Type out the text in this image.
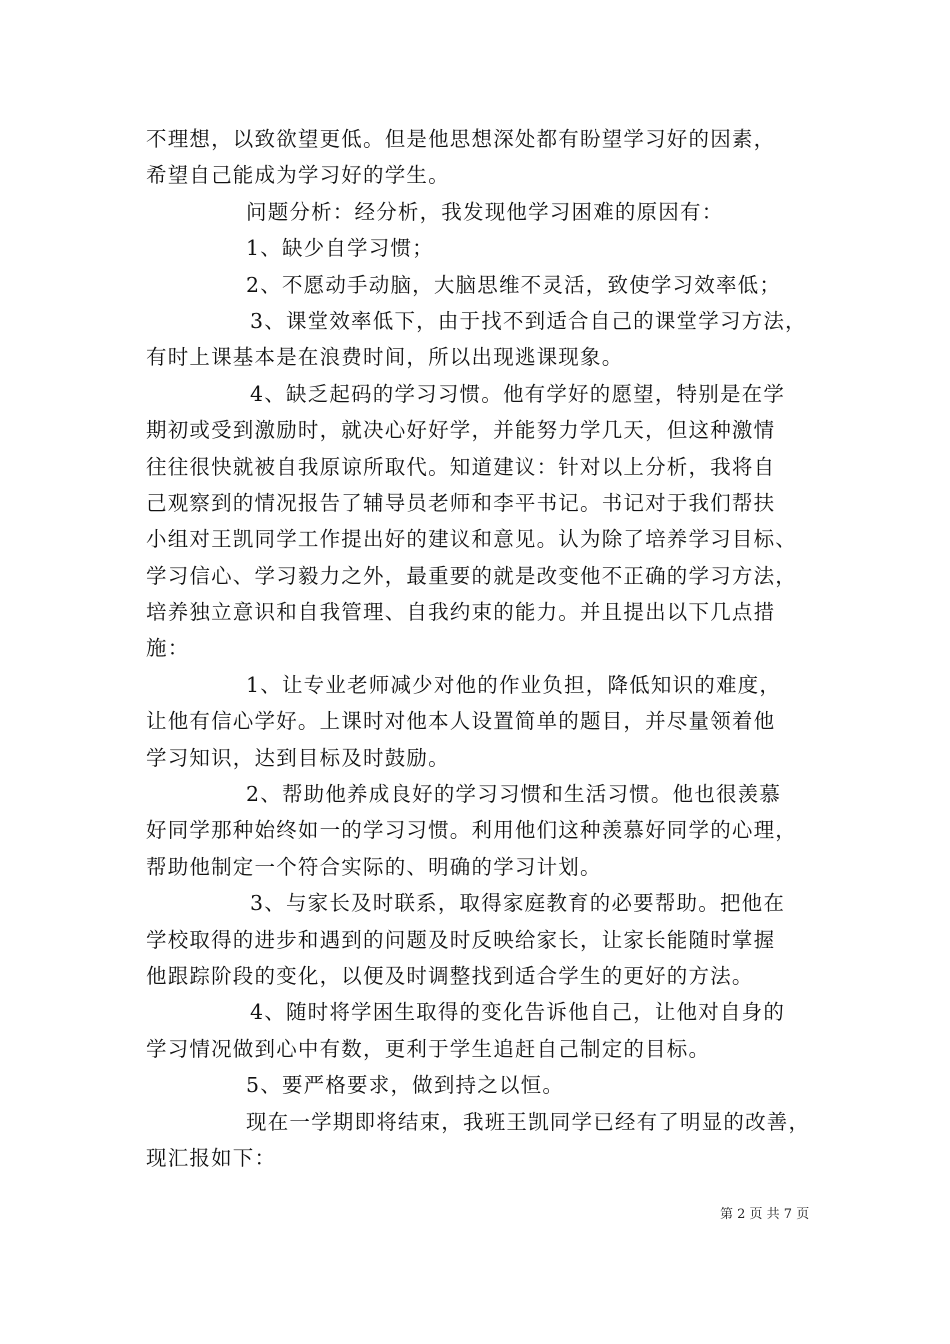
不理想，以致欲望更低。但是他思想深处都有盼望学习好的因素，
希望自己能成为学习好的学生。
问题分析：经分析，我发现他学习困难的原因有：
1、缺少自学习惯；
2、不愿动手动脑，大脑思维不灵活，致使学习效率低；
3、课堂效率低下，由于找不到适合自己的课堂学习方法，
有时上课基本是在浪费时间，所以出现逃课现象。
4、缺乏起码的学习习惯。他有学好的愿望，特别是在学
期初或受到激励时，就决心好好学，并能努力学几天，但这种激情
往往很快就被自我原谅所取代。知道建议：针对以上分析，我将自
己观察到的情况报告了辅导员老师和李平书记。书记对于我们帮扶
小组对王凯同学工作提出好的建议和意见。认为除了培养学习目标、
学习信心、学习毅力之外，最重要的就是改变他不正确的学习方法，
培养独立意识和自我管理、自我约束的能力。并且提出以下几点措
施：
1、让专业老师减少对他的作业负担，降低知识的难度，
让他有信心学好。上课时对他本人设置简单的题目，并尽量领着他
学习知识，达到目标及时鼓励。
2、帮助他养成良好的学习习惯和生活习惯。他也很羡慕
好同学那种始终如一的学习习惯。利用他们这种羡慕好同学的心理，
帮助他制定一个符合实际的、明确的学习计划。
3、与家长及时联系，取得家庭教育的必要帮助。把他在
学校取得的进步和遇到的问题及时反映给家长，让家长能随时掌握
他跟踪阶段的变化，以便及时调整找到适合学生的更好的方法。
4、随时将学困生取得的变化告诉他自己，让他对自身的
学习情况做到心中有数，更利于学生追赶自己制定的目标。
5、要严格要求，做到持之以恒。
现在一学期即将结束，我班王凯同学已经有了明显的改善，
现汇报如下：
第 2 页 共 7 页
